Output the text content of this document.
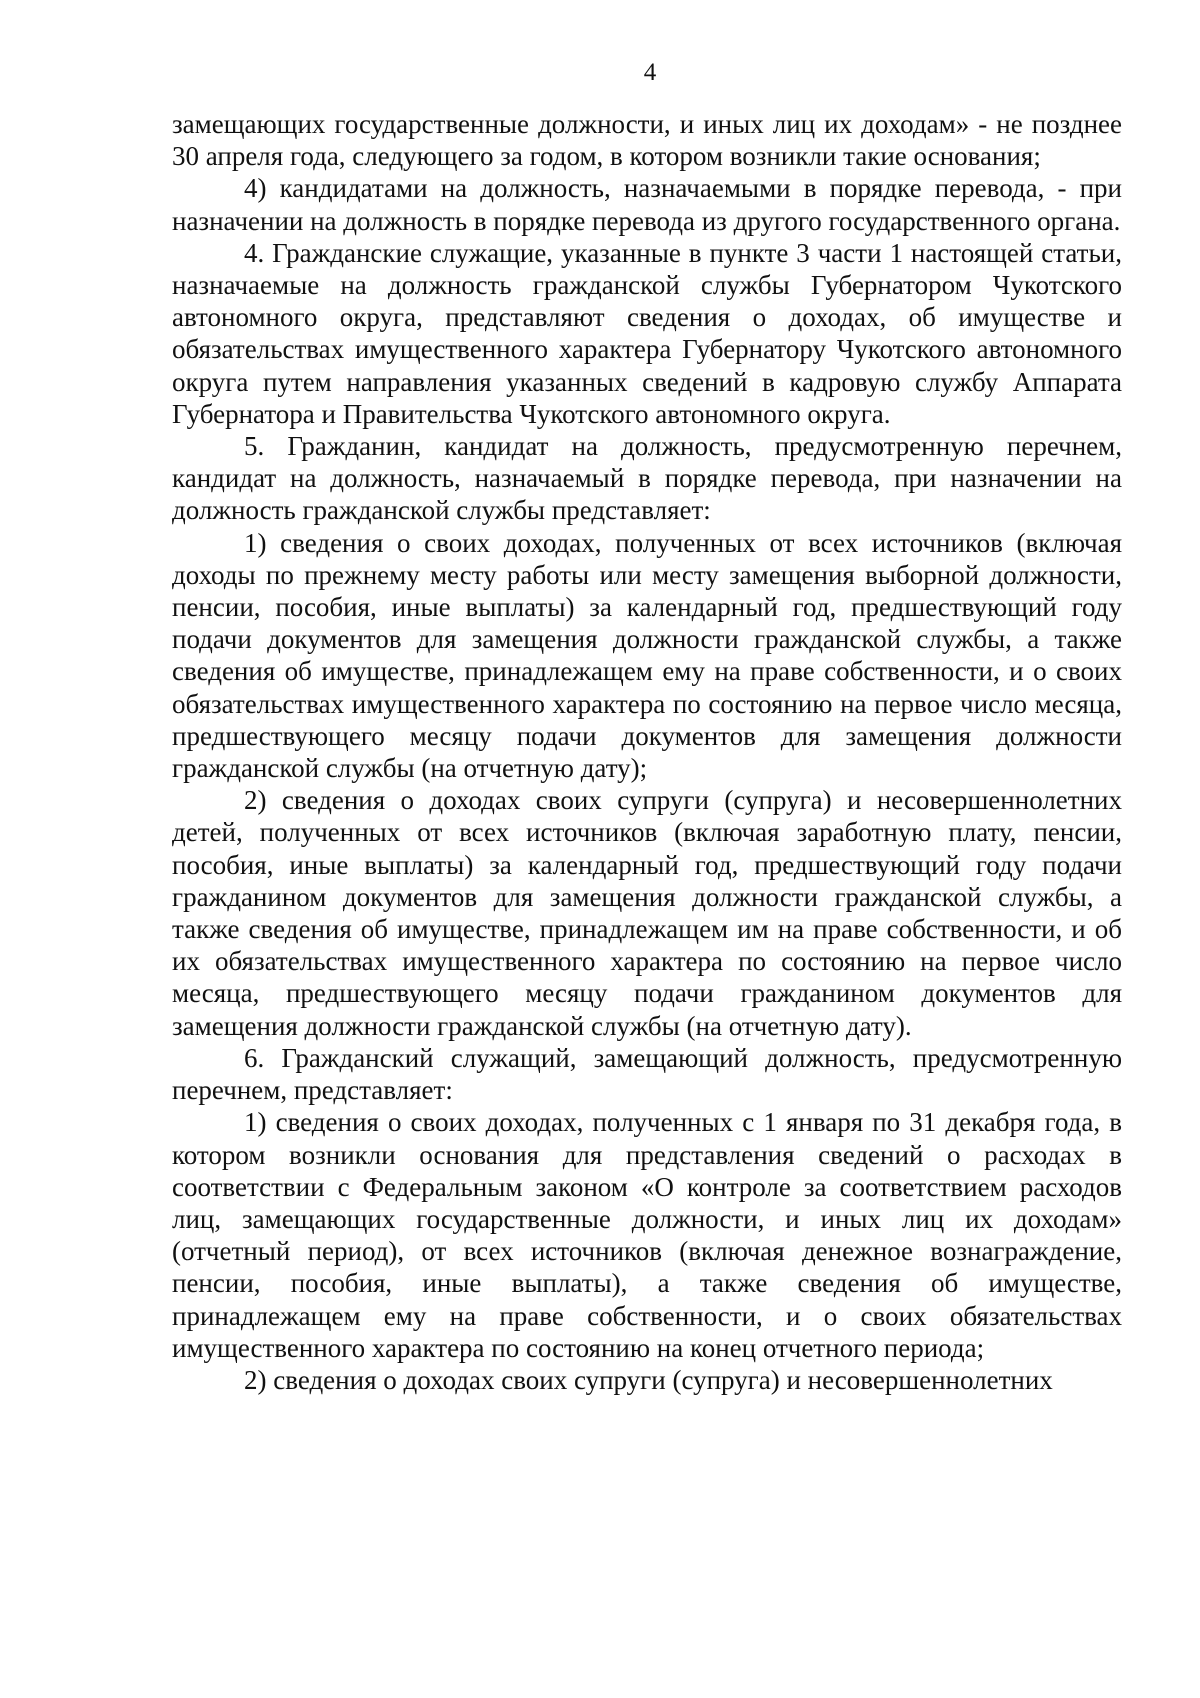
4

замещающих государственные должности, и иных лиц их доходам» - не позднее 30 апреля года, следующего за годом, в котором возникли такие основания;

4) кандидатами на должность, назначаемыми в порядке перевода, - при назначении на должность в порядке перевода из другого государственного органа.

4. Гражданские служащие, указанные в пункте 3 части 1 настоящей статьи, назначаемые на должность гражданской службы Губернатором Чукотского автономного округа, представляют сведения о доходах, об имуществе и обязательствах имущественного характера Губернатору Чукотского автономного округа путем направления указанных сведений в кадровую службу Аппарата Губернатора и Правительства Чукотского автономного округа.

5. Гражданин, кандидат на должность, предусмотренную перечнем, кандидат на должность, назначаемый в порядке перевода, при назначении на должность гражданской службы представляет:

1) сведения о своих доходах, полученных от всех источников (включая доходы по прежнему месту работы или месту замещения выборной должности, пенсии, пособия, иные выплаты) за календарный год, предшествующий году подачи документов для замещения должности гражданской службы, а также сведения об имуществе, принадлежащем ему на праве собственности, и о своих обязательствах имущественного характера по состоянию на первое число месяца, предшествующего месяцу подачи документов для замещения должности гражданской службы (на отчетную дату);

2) сведения о доходах своих супруги (супруга) и несовершеннолетних детей, полученных от всех источников (включая заработную плату, пенсии, пособия, иные выплаты) за календарный год, предшествующий году подачи гражданином документов для замещения должности гражданской службы, а также сведения об имуществе, принадлежащем им на праве собственности, и об их обязательствах имущественного характера по состоянию на первое число месяца, предшествующего месяцу подачи гражданином документов для замещения должности гражданской службы (на отчетную дату).

6. Гражданский служащий, замещающий должность, предусмотренную перечнем, представляет:

1) сведения о своих доходах, полученных с 1 января по 31 декабря года, в котором возникли основания для представления сведений о расходах в соответствии с Федеральным законом «О контроле за соответствием расходов лиц, замещающих государственные должности, и иных лиц их доходам» (отчетный период), от всех источников (включая денежное вознаграждение, пенсии, пособия, иные выплаты), а также сведения об имуществе, принадлежащем ему на праве собственности, и о своих обязательствах имущественного характера по состоянию на конец отчетного периода;

2) сведения о доходах своих супруги (супруга) и несовершеннолетних
